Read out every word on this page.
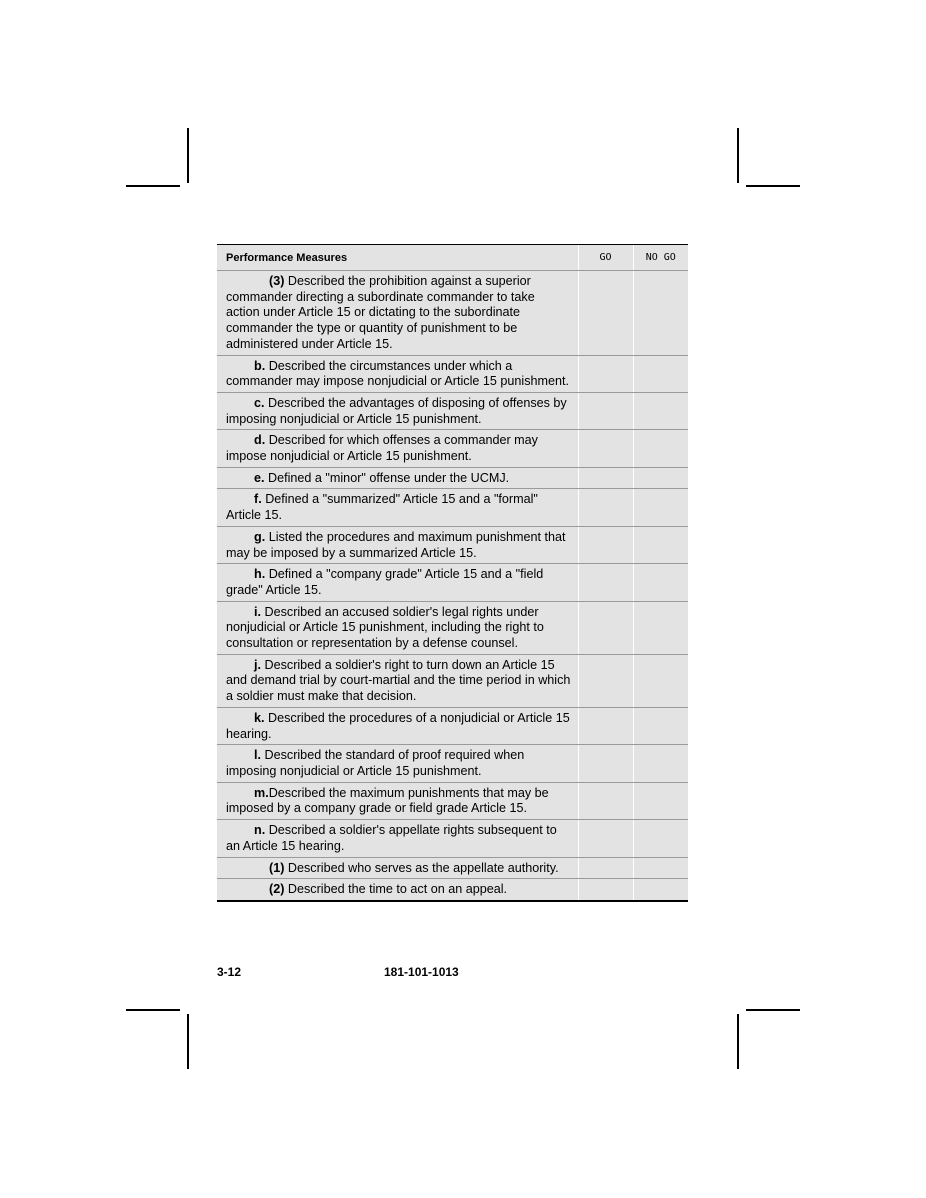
Performance Measures	GO	NO GO
(3) Described the prohibition against a superior commander directing a subordinate commander to take action under Article 15 or dictating to the subordinate commander the type or quantity of punishment to be administered under Article 15.		
b. Described the circumstances under which a commander may impose nonjudicial or Article 15 punishment.		
c. Described the advantages of disposing of offenses by imposing nonjudicial or Article 15 punishment.		
d. Described for which offenses a commander may impose nonjudicial or Article 15 punishment.		
e. Defined a "minor" offense under the UCMJ.		
f. Defined a "summarized" Article 15 and a "formal" Article 15.		
g. Listed the procedures and maximum punishment that may be imposed by a summarized Article 15.		
h. Defined a "company grade" Article 15 and a "field grade" Article 15.		
i. Described an accused soldier's legal rights under nonjudicial or Article 15 punishment, including the right to consultation or representation by a defense counsel.		
j. Described a soldier's right to turn down an Article 15 and demand trial by court-martial and the time period in which a soldier must make that decision.		
k. Described the procedures of a nonjudicial or Article 15 hearing.		
l. Described the standard of proof required when imposing nonjudicial or Article 15 punishment.		
m.Described the maximum punishments that may be imposed by a company grade or field grade Article 15.		
n. Described a soldier's appellate rights subsequent to an Article 15 hearing.		
(1) Described who serves as the appellate authority.		
(2) Described the time to act on an appeal.		
3-12	181-101-1013
